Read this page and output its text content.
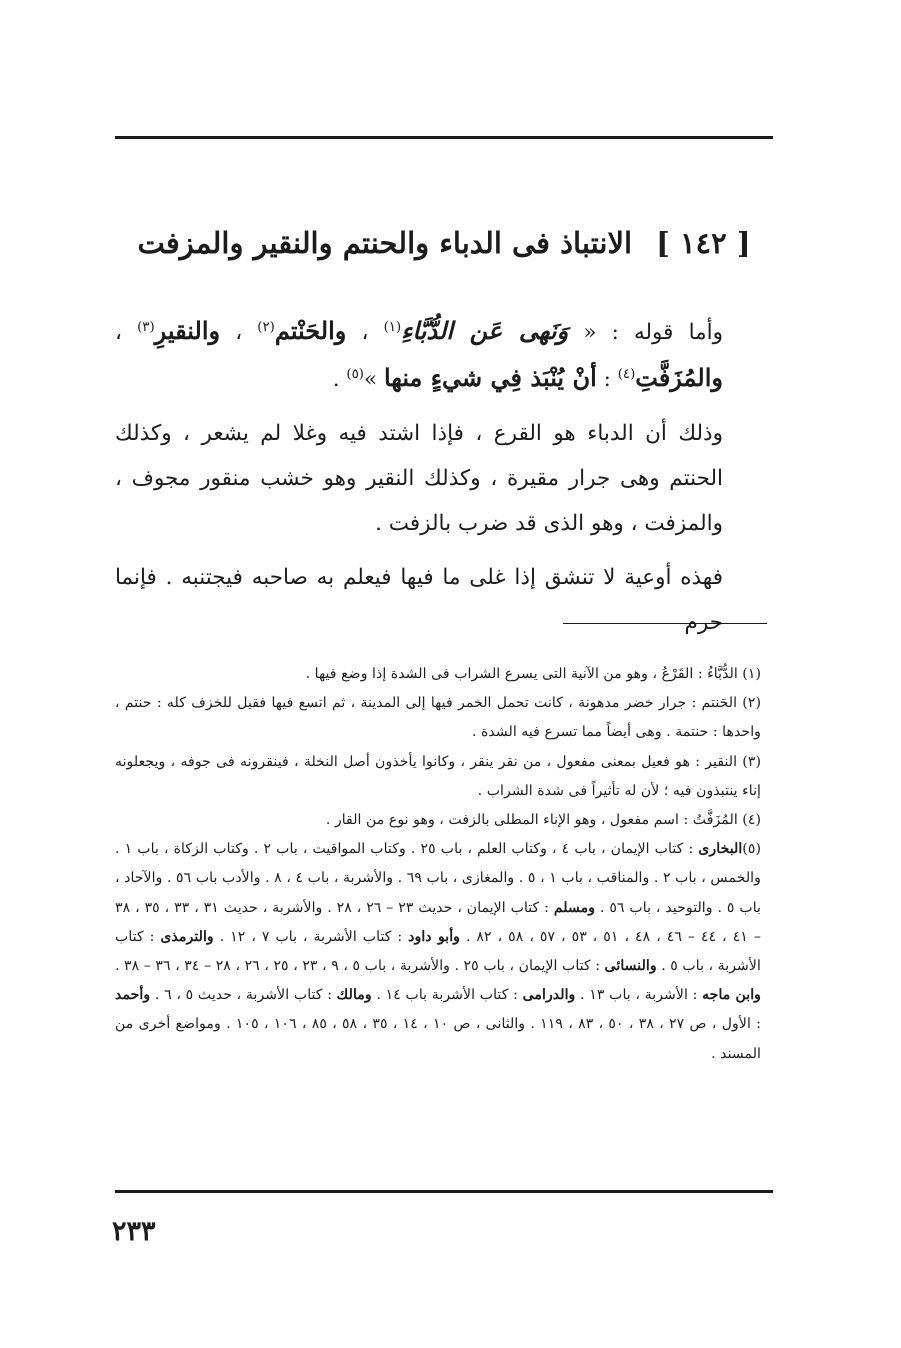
[ ١٤٢ ] الانتباذ فى الدباء والحنتم والنقير والمزفت

وأما قوله : « وَنَهى عَن الدُّبَّاءِ$^{(١)}$ ، والحَنْتم$^{(٢)}$ ، والنقيرِ$^{(٣)}$ ، والمُزَفَّتِ$^{(٤)}$ : أنْ يُنْبَذ فِي شيءٍ منها »$^{(٥)}$ .

وذلك أن الدباء هو القرع ، فإذا اشتد فيه وغلا لم يشعر ، وكذلك الحنتم وهى جرار مقيرة ، وكذلك النقير وهو خشب منقور مجوف ، والمزفت ، وهو الذى قد ضرب بالزفت .

فهذه أوعية لا تنشق إذا غلى ما فيها فيعلم به صاحبه فيجتنبه . فإنما حرم

(١) الدُّبَّاءُ : القَرْعُ ، وهو من الآنية التى يسرع الشراب فى الشدة إذا وضع فيها .

(٢) الحَنتم : جرار خضر مدهونة ، كانت تحمل الخمر فيها إلى المدينة ، ثم اتسع فيها فقيل للخزف كله : حنتم ، واحدها : حنتمة . وهى أيضاً مما تسرع فيه الشدة .

(٣) النقير : هو فعيل بمعنى مفعول ، من نقر ينقر ، وكانوا يأخذون أصل النخلة ، فينقرونه فى جوفه ، ويجعلونه إناء ينتبذون فيه ؛ لأن له تأثيراً فى شدة الشراب .

(٤) المُزَفَّتُ : اسم مفعول ، وهو الإناء المطلى بالزفت ، وهو نوع من القار .

(٥)البخارى : كتاب الإيمان ، باب ٤ ، وكتاب العلم ، باب ٢٥ . وكتاب المواقيت ، باب ٢ . وكتاب الزكاة ، باب ١ . والخمس ، باب ٢ . والمناقب ، باب ١ ، ٥ . والمغازى ، باب ٦٩ . والأشربة ، باب ٤ ، ٨ . والأدب باب ٥٦ . والآحاد ، باب ٥ . والتوحيد ، باب ٥٦ . ومسلم : كتاب الإيمان ، حديث ٢٣ – ٢٦ ، ٢٨ . والأشربة ، حديث ٣١ ، ٣٣ ، ٣٥ ، ٣٨ – ٤١ ، ٤٤ – ٤٦ ، ٤٨ ، ٥١ ، ٥٣ ، ٥٧ ، ٥٨ ، ٨٢ . وأبو داود : كتاب الأشربة ، باب ٧ ، ١٢ . والترمذى : كتاب الأشربة ، باب ٥ . والنسائى : كتاب الإيمان ، باب ٢٥ . والأشربة ، باب ٥ ، ٩ ، ٢٣ ، ٢٥ ، ٢٦ ، ٢٨ – ٣٤ ، ٣٦ – ٣٨ . وابن ماجه : الأشربة ، باب ١٣ . والدرامى : كتاب الأشربة باب ١٤ . ومالك : كتاب الأشربة ، حديث ٥ ، ٦ . وأحمد : الأول ، ص ٢٧ ، ٣٨ ، ٥٠ ، ٨٣ ، ١١٩ . والثانى ، ص ١٠ ، ١٤ ، ٣٥ ، ٥٨ ، ٨٥ ، ١٠٦ ، ١٠٥ . ومواضع أخرى من المسند .

٢٣٣
